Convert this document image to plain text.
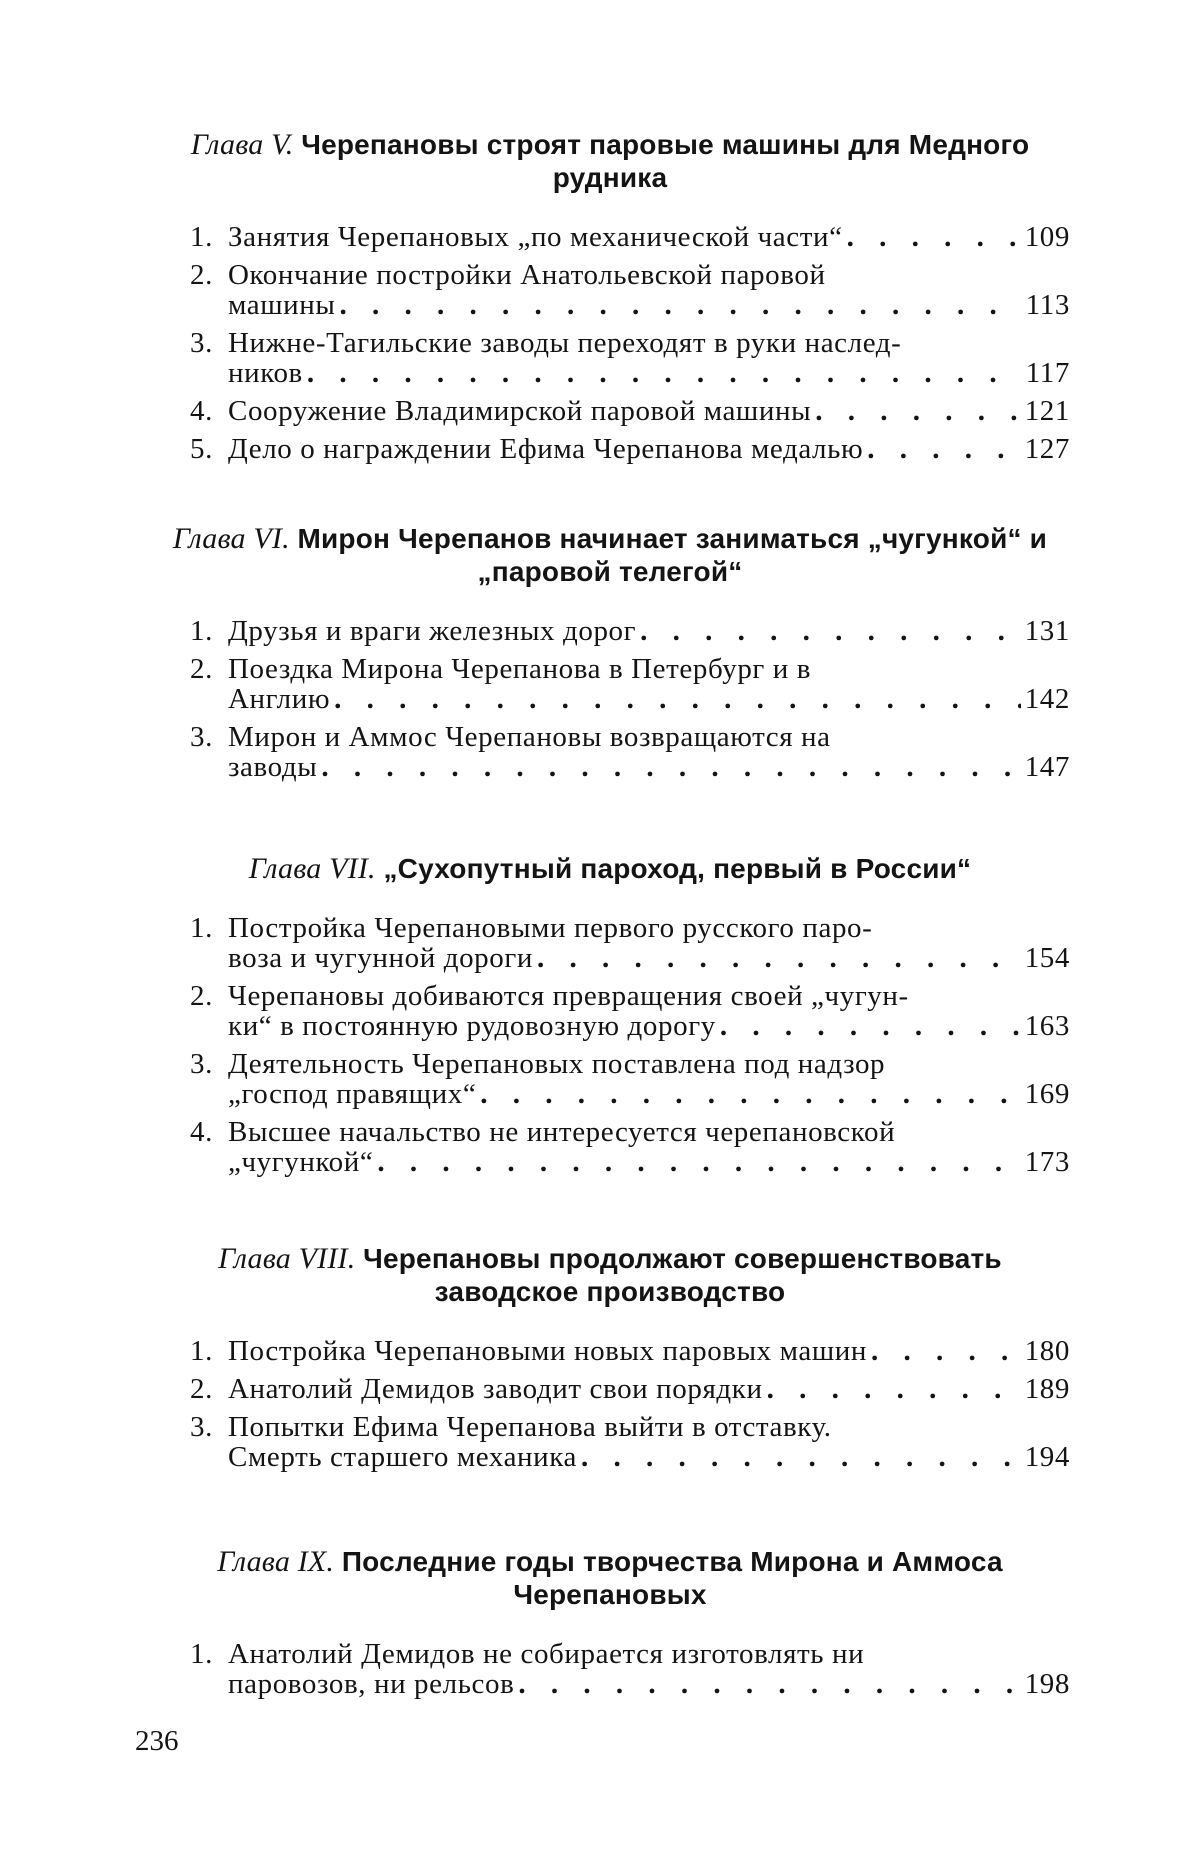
Глава V. Черепановы строят паровые машины для Медного рудника
1. Занятия Черепановых „по механической части“
. . .	109
2. Окончание постройки Анатольевской паровой
машины
. . .	113
3. Нижне-Тагильские заводы переходят в руки наслед-
ников
. . .	117
4. Сооружение Владимирской паровой машины
. . .	121
5. Дело о награждении Ефима Черепанова медалью
. . .	127
Глава VI. Мирон Черепанов начинает заниматься „чугункой“ и „паровой телегой“
1. Друзья и враги железных дорог
. . .	131
2. Поездка Мирона Черепанова в Петербург и в
Англию
. . .	142
3. Мирон и Аммос Черепановы возвращаются на
заводы
. . .	147
Глава VII. „Сухопутный пароход, первый в России“
1. Постройка Черепановыми первого русского паро-
воза и чугунной дороги
. . .	154
2. Черепановы добиваются превращения своей „чугун-
ки“ в постоянную рудовозную дорогу
. . .	163
3. Деятельность Черепановых поставлена под надзор
„господ правящих“
. . .	169
4. Высшее начальство не интересуется черепановской
„чугункой“
. . .	173
Глава VIII. Черепановы продолжают совершенствовать заводское производство
1. Постройка Черепановыми новых паровых машин
. . .	180
2. Анатолий Демидов заводит свои порядки
. . .	189
3. Попытки Ефима Черепанова выйти в отставку.
Смерть старшего механика
. . .	194
Глава IX. Последние годы творчества Мирона и Аммоса Черепановых
1. Анатолий Демидов не собирается изготовлять ни
паровозов, ни рельсов
. . .	198
236
